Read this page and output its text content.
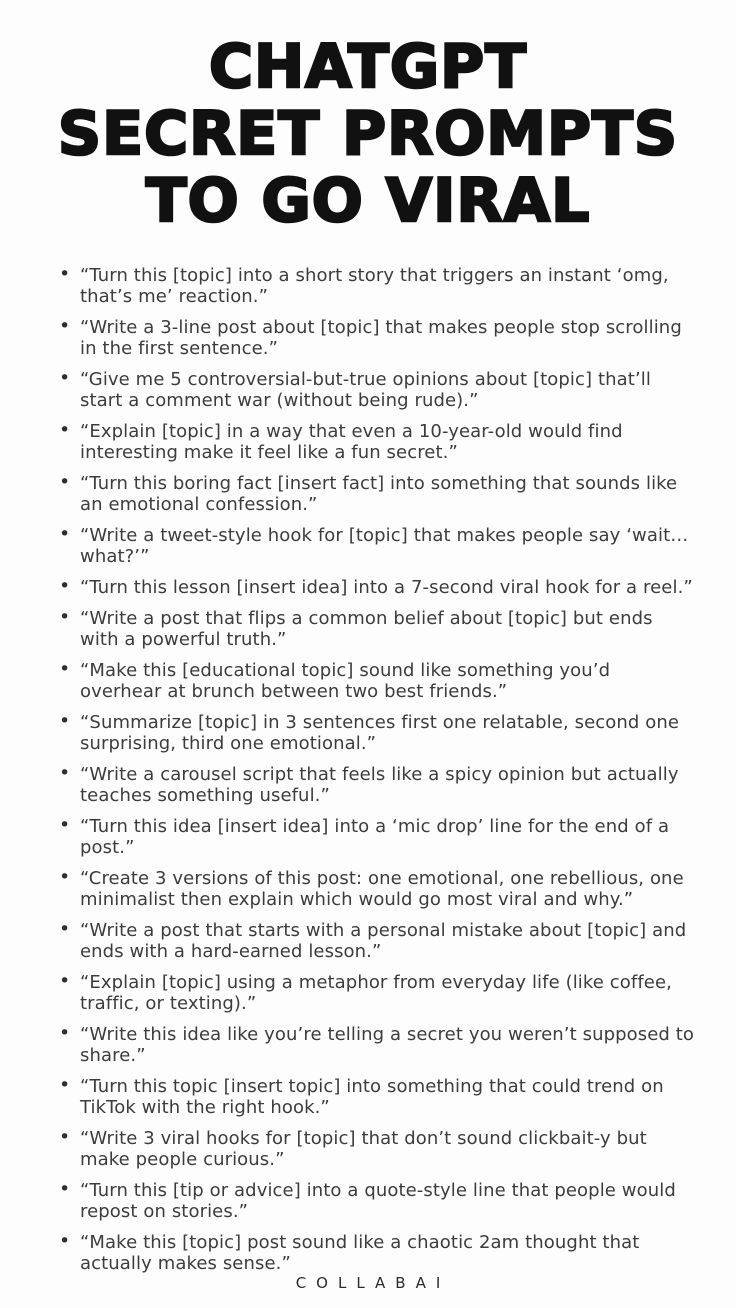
CHATGPT
SECRET PROMPTS
TO GO VIRAL
• “Turn this [topic] into a short story that triggers an instant ‘omg, that’s me’ reaction.”
• “Write a 3-line post about [topic] that makes people stop scrolling in the first sentence.”
• “Give me 5 controversial-but-true opinions about [topic] that’ll start a comment war (without being rude).”
• “Explain [topic] in a way that even a 10-year-old would find interesting make it feel like a fun secret.”
• “Turn this boring fact [insert fact] into something that sounds like an emotional confession.”
• “Write a tweet-style hook for [topic] that makes people say ‘wait… what?’”
• “Turn this lesson [insert idea] into a 7-second viral hook for a reel.”
• “Write a post that flips a common belief about [topic] but ends with a powerful truth.”
• “Make this [educational topic] sound like something you’d overhear at brunch between two best friends.”
• “Summarize [topic] in 3 sentences first one relatable, second one surprising, third one emotional.”
• “Write a carousel script that feels like a spicy opinion but actually teaches something useful.”
• “Turn this idea [insert idea] into a ‘mic drop’ line for the end of a post.”
• “Create 3 versions of this post: one emotional, one rebellious, one minimalist then explain which would go most viral and why.”
• “Write a post that starts with a personal mistake about [topic] and ends with a hard-earned lesson.”
• “Explain [topic] using a metaphor from everyday life (like coffee, traffic, or texting).”
• “Write this idea like you’re telling a secret you weren’t supposed to share.”
• “Turn this topic [insert topic] into something that could trend on TikTok with the right hook.”
• “Write 3 viral hooks for [topic] that don’t sound clickbait-y but make people curious.”
• “Turn this [tip or advice] into a quote-style line that people would repost on stories.”
• “Make this [topic] post sound like a chaotic 2am thought that actually makes sense.”
COLLABAI
